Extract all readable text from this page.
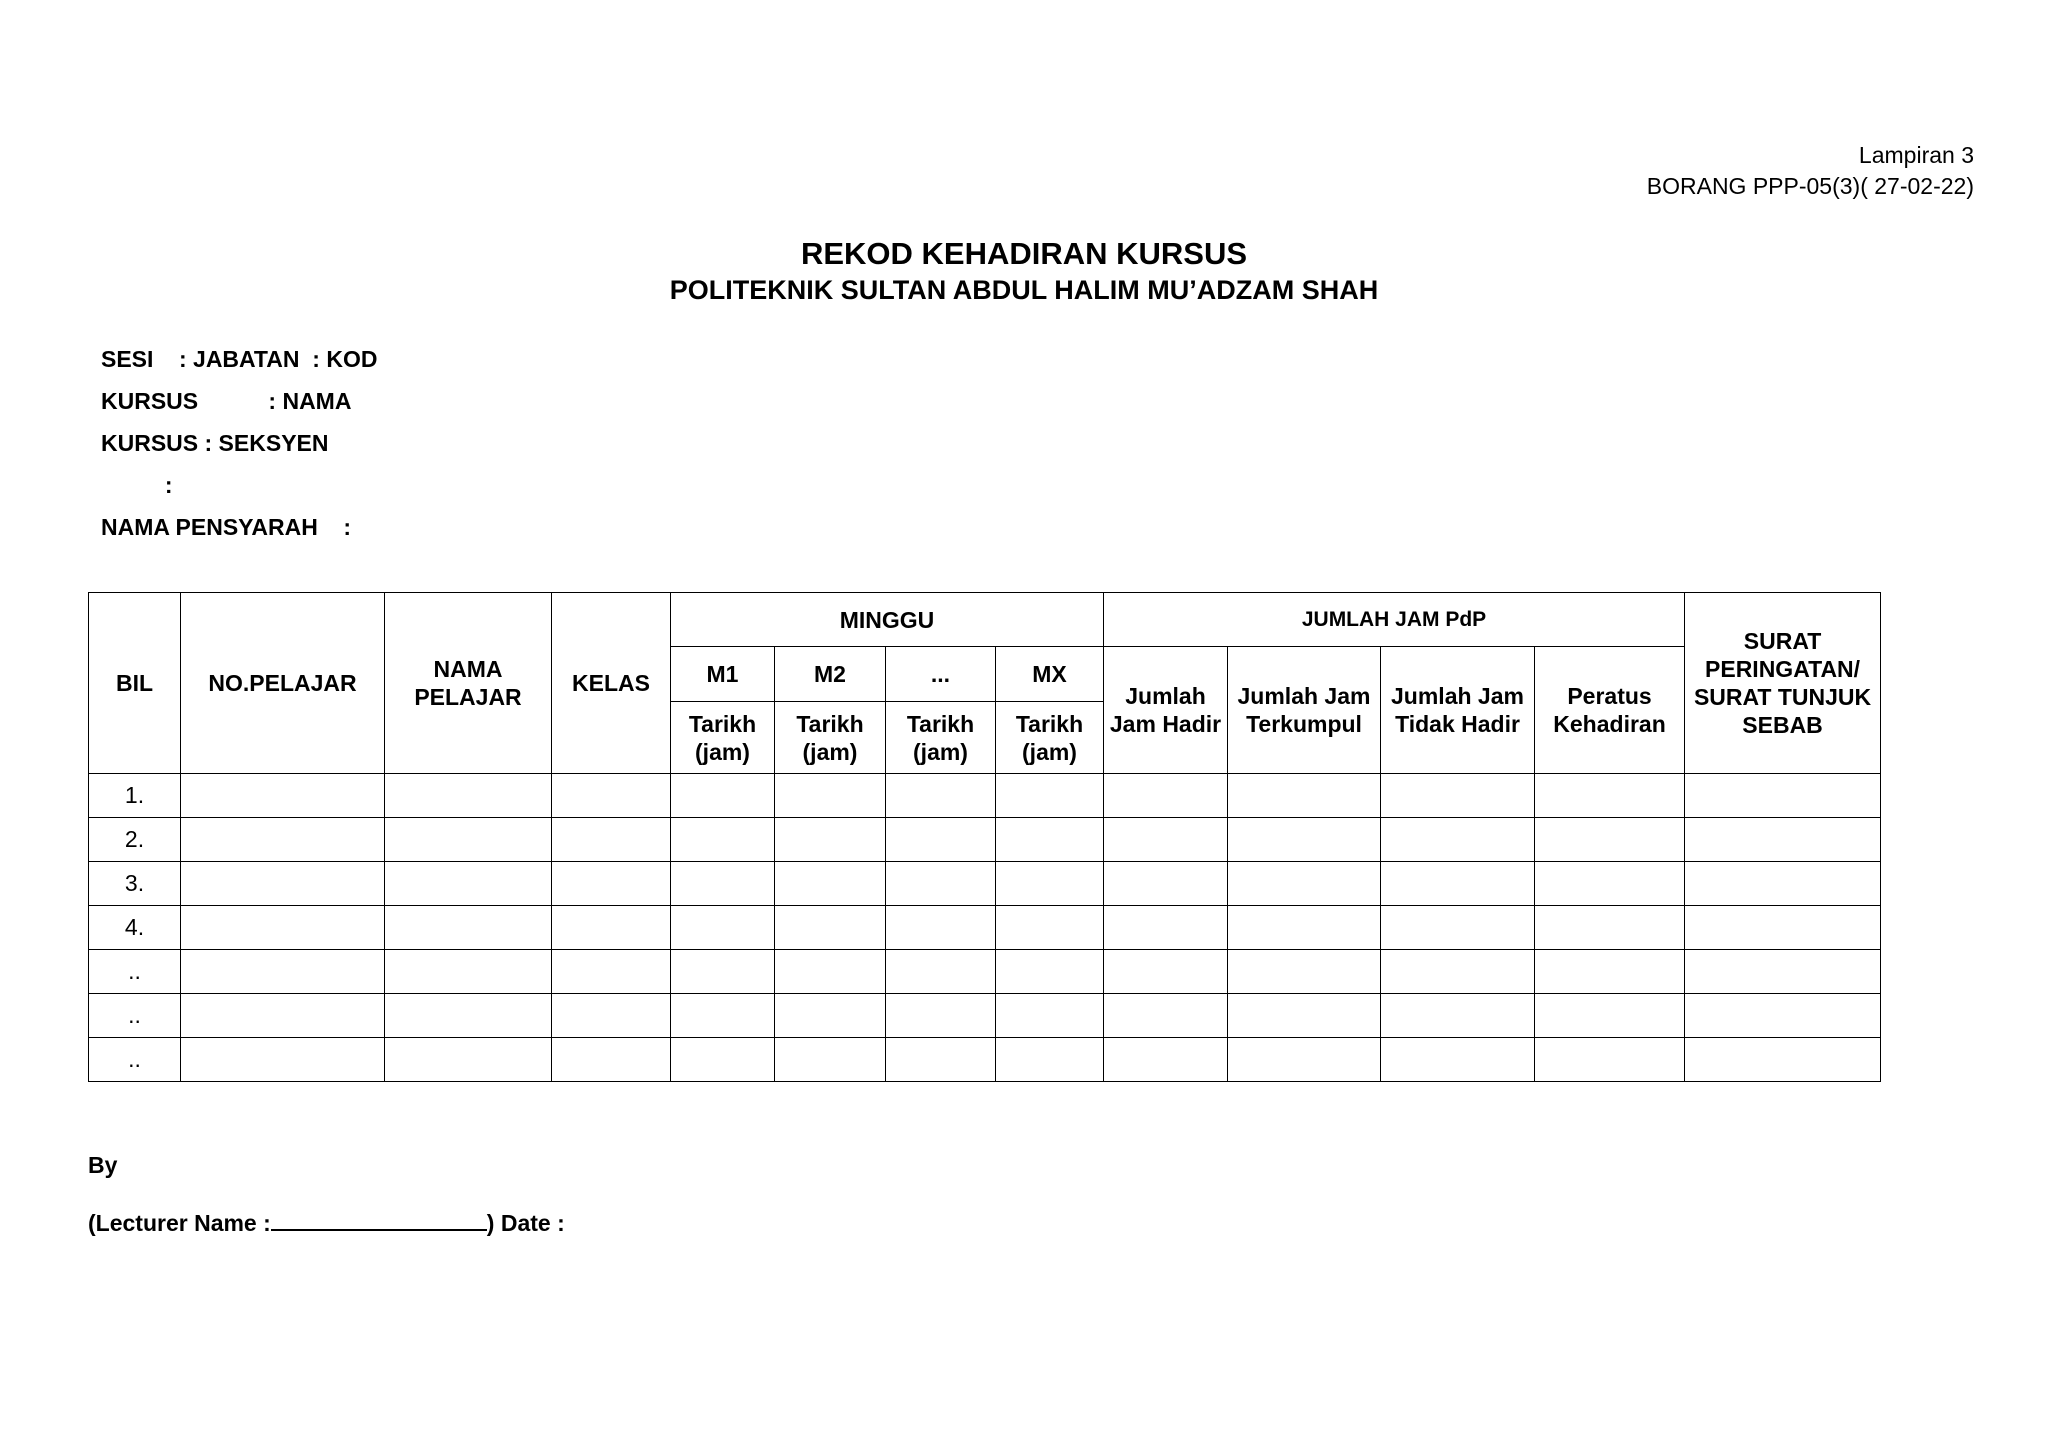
Lampiran 3
BORANG PPP-05(3)( 27-02-22)
REKOD KEHADIRAN KURSUS
POLITEKNIK SULTAN ABDUL HALIM MU’ADZAM SHAH
SESI    : JABATAN  : KOD
KURSUS           : NAMA
KURSUS : SEKSYEN
:
NAMA PENSYARAH    :
BIL	NO.PELAJAR	NAMA PELAJAR	KELAS	MINGGU				JUMLAH JAM PdP				SURAT PERINGATAN/ SURAT TUNJUK SEBAB
				M1	M2	...	MX	Jumlah Jam Hadir	Jumlah Jam Terkumpul	Jumlah Jam Tidak Hadir	Peratus Kehadiran	
				Tarikh (jam)	Tarikh (jam)	Tarikh (jam)	Tarikh (jam)					
1.												
2.												
3.												
4.												
..												
..												
..												
By
(Lecturer Name :	) Date :
